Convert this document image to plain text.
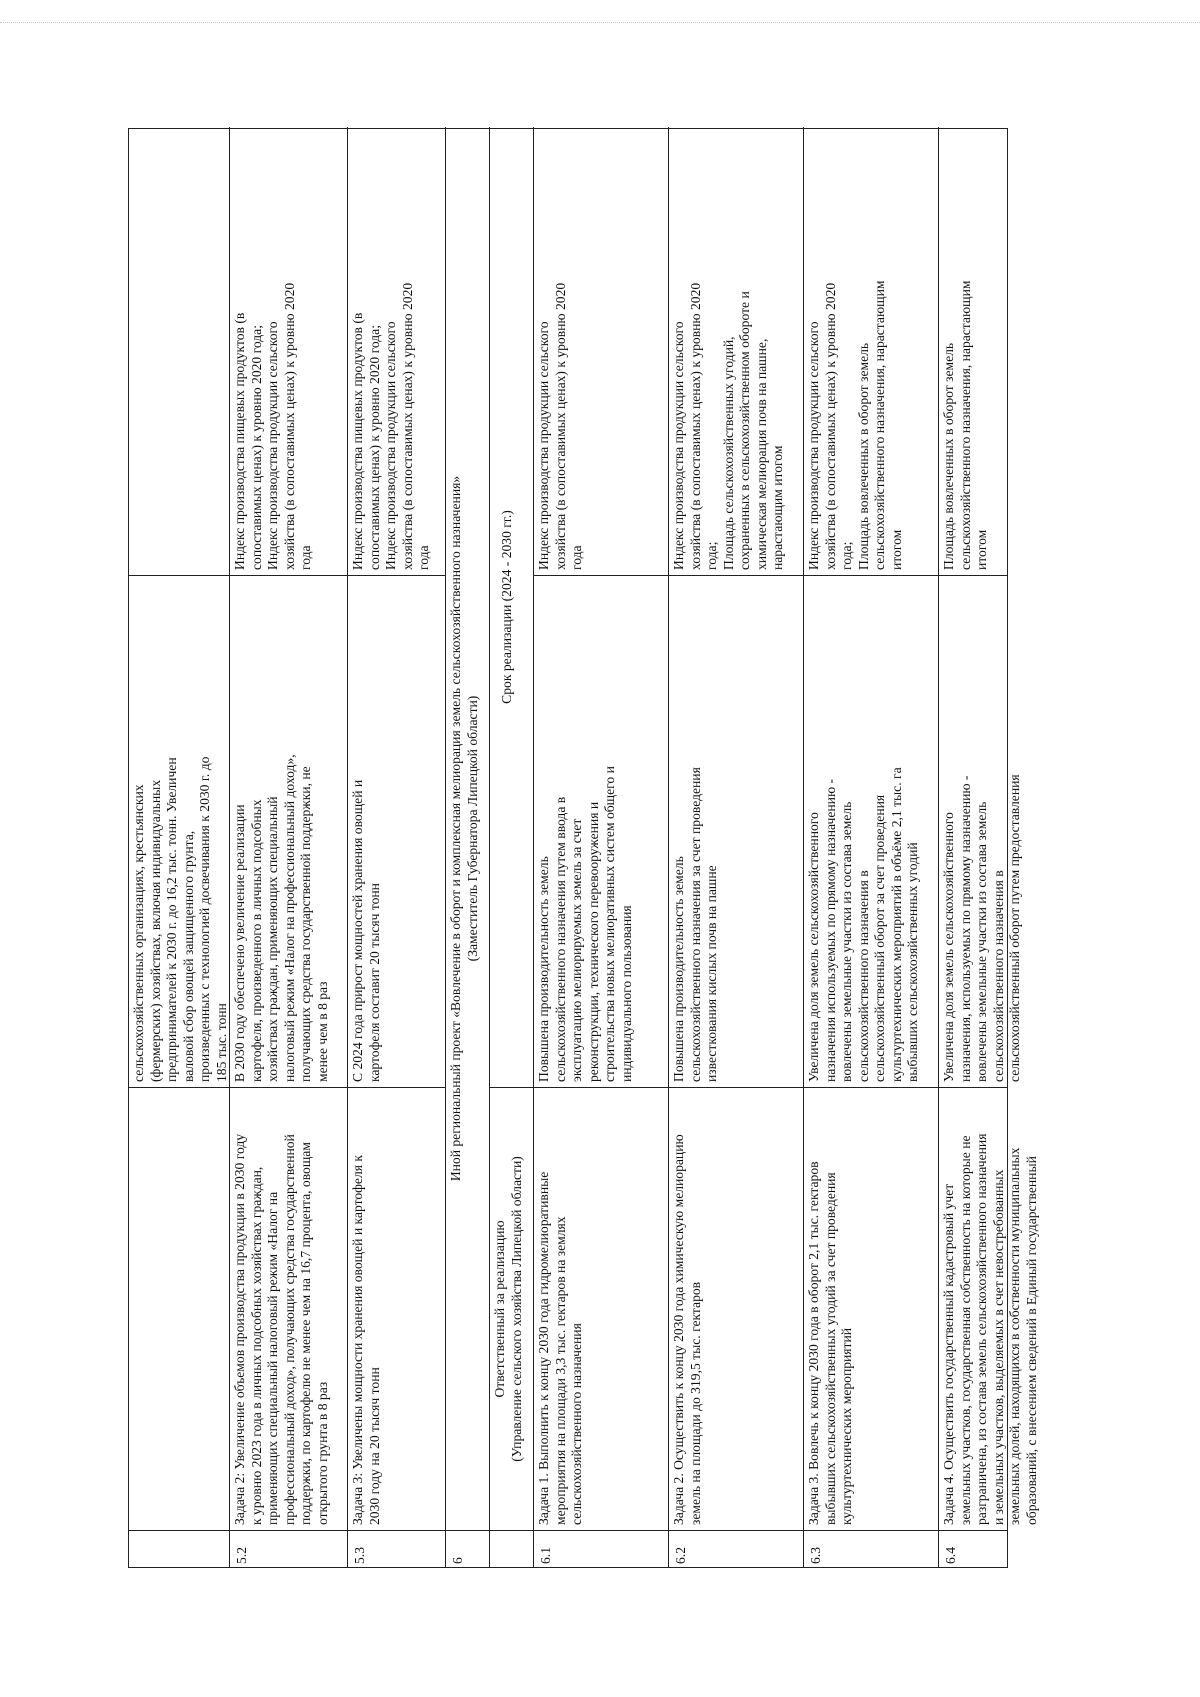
сельскохозяйственных организациях, крестьянских (фермерских) хозяйствах, включая индивидуальных предпринимателей к 2030 г. до 16,2 тыс. тонн. Увеличен валовой сбор овощей защищенного грунта, произведенных с технологией досвечивания к 2030 г. до 185 тыс. тонн
5.2
Задача 2: Увеличение объемов производства продукции в 2030 году к уровню 2023 года в личных подсобных хозяйствах граждан, применяющих специальный налоговый режим «Налог на профессиональный доход», получающих средства государственной поддержки, по картофелю не менее чем на 16,7 процента, овощам открытого грунта в 8 раз
В 2030 году обеспечено увеличение реализации картофеля, произведенного в личных подсобных хозяйствах граждан, применяющих специальный налоговый режим «Налог на профессиональный доход», получающих средства государственной поддержки, не менее чем в 8 раз
Индекс производства пищевых продуктов (в сопоставимых ценах) к уровню 2020 года; Индекс производства продукции сельского хозяйства (в сопоставимых ценах) к уровню 2020 года
5.3
Задача 3: Увеличены мощности хранения овощей и картофеля к 2030 году на 20 тысяч тонн
С 2024 года прирост мощностей хранения овощей и картофеля составит 20 тысяч тонн
Индекс производства пищевых продуктов (в сопоставимых ценах) к уровню 2020 года; Индекс производства продукции сельского хозяйства (в сопоставимых ценах) к уровню 2020 года
6
Иной региональный проект «Вовлечение в оборот и комплексная мелиорация земель сельскохозяйственного назначения» (Заместитель Губернатора Липецкой области)
Ответственный за реализацию (Управление сельского хозяйства Липецкой области)
Срок реализации (2024 - 2030 гг.)
6.1
Задача 1. Выполнить к концу 2030 года гидромелиоративные мероприятия на площади 3,3 тыс. гектаров на землях сельскохозяйственного назначения
Повышена производительность земель сельскохозяйственного назначения путем ввода в эксплуатацию мелиорируемых земель за счет реконструкции, технического перевооружения и строительства новых мелиоративных систем общего и индивидуального пользования
Индекс производства продукции сельского хозяйства (в сопоставимых ценах) к уровню 2020 года
6.2
Задача 2. Осуществить к концу 2030 года химическую мелиорацию земель на площади до 319,5 тыс. гектаров
Повышена производительность земель сельскохозяйственного назначения за счет проведения известкования кислых почв на пашне
Индекс производства продукции сельского хозяйства (в сопоставимых ценах) к уровню 2020 года; Площадь сельскохозяйственных угодий, сохраненных в сельскохозяйственном обороте и химическая мелиорация почв на пашне, нарастающим итогом
6.3
Задача 3. Вовлечь к концу 2030 года в оборот 2,1 тыс. гектаров выбывших сельскохозяйственных угодий за счет проведения культуртехнических мероприятий
Увеличена доля земель сельскохозяйственного назначения используемых по прямому назначению - вовлечены земельные участки из состава земель сельскохозяйственного назначения в сельскохозяйственный оборот за счет проведения культуртехнических мероприятий в объёме 2,1 тыс. га выбывших сельскохозяйственных угодий
Индекс производства продукции сельского хозяйства (в сопоставимых ценах) к уровню 2020 года; Площадь вовлеченных в оборот земель сельскохозяйственного назначения, нарастающим итогом
6.4
Задача 4. Осуществить государственный кадастровый учет земельных участков, государственная собственность на которые не разграничена, из состава земель сельскохозяйственного назначения и земельных участков, выделяемых в счет невостребованных земельных долей, находящихся в собственности муниципальных образований, с внесением сведений в Единый государственный
Увеличена доля земель сельскохозяйственного назначения, используемых по прямому назначению - вовлечены земельные участки из состава земель сельскохозяйственного назначения в сельскохозяйственный оборот путем предоставления
Площадь вовлеченных в оборот земель сельскохозяйственного назначения, нарастающим итогом
